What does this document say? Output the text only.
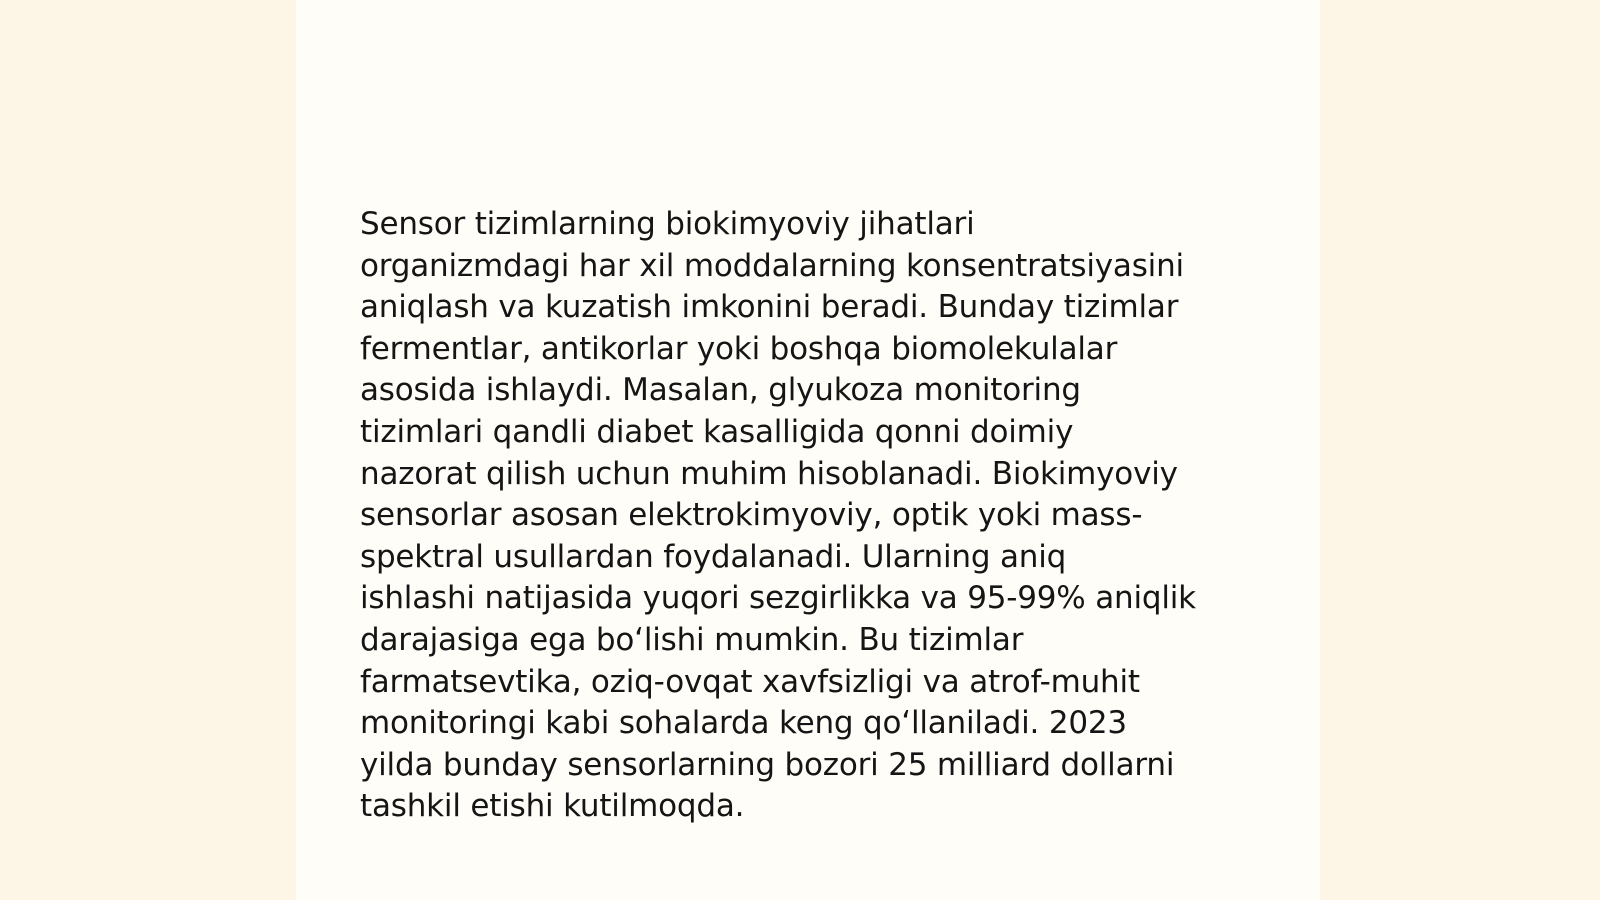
Sensor tizimlarning biokimyoviy jihatlari
organizmdagi har xil moddalarning konsentratsiyasini
aniqlash va kuzatish imkonini beradi. Bunday tizimlar
fermentlar, antikorlar yoki boshqa biomolekulalar
asosida ishlaydi. Masalan, glyukoza monitoring
tizimlari qandli diabet kasalligida qonni doimiy
nazorat qilish uchun muhim hisoblanadi. Biokimyoviy
sensorlar asosan elektrokimyoviy, optik yoki mass-
spektral usullardan foydalanadi. Ularning aniq
ishlashi natijasida yuqori sezgirlikka va 95-99% aniqlik
darajasiga ega bo‘lishi mumkin. Bu tizimlar
farmatsevtika, oziq-ovqat xavfsizligi va atrof-muhit
monitoringi kabi sohalarda keng qo‘llaniladi. 2023
yilda bunday sensorlarning bozori 25 milliard dollarni
tashkil etishi kutilmoqda.
